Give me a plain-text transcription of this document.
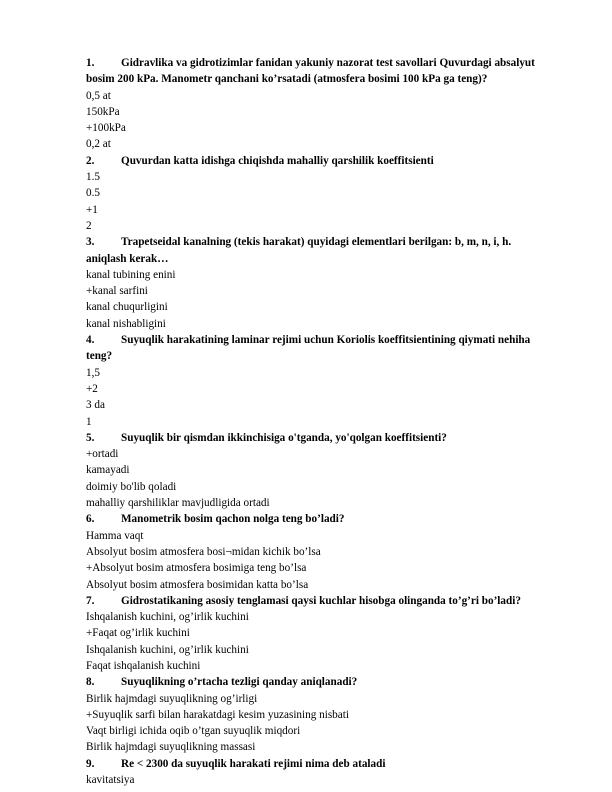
1. Gidravlika va gidrotizimlar fanidan yakuniy nazorat test savollari Quvurdagi absalyut
bosim 200 kPa. Manometr qanchani ko’rsatadi (atmosfera bosimi 100 kPa ga teng)?
0,5 at
150kPa
+100kPa
0,2 at
2. Quvurdan katta idishga chiqishda mahalliy qarshilik koeffitsienti
1.5
0.5
+1
2
3. Trapetseidal kanalning (tekis harakat) quyidagi elementlari berilgan: b, m, n, i, h.
aniqlash kerak…
kanal tubining enini
+kanal sarfini
kanal chuqurligini
kanal nishabligini
4. Suyuqlik harakatining laminar rejimi uchun Koriolis koeffitsientining qiymati nehiha
teng?
1,5
+2
3 da
1
5. Suyuqlik bir qismdan ikkinchisiga o'tganda, yo'qolgan koeffitsienti?
+ortadi
kamayadi
doimiy bo'lib qoladi
mahalliy qarshiliklar mavjudligida ortadi
6. Manometrik bosim qachon nolga teng bo’ladi?
Hamma vaqt
Absolyut bosim atmosfera bosi¬midan kichik bo’lsa
+Absolyut bosim atmosfera bosimiga teng bo’lsa
Absolyut bosim atmosfera bosimidan katta bo’lsa
7. Gidrostatikaning asosiy tenglamasi qaysi kuchlar hisobga olinganda to’g’ri bo’ladi?
Ishqalanish kuchini, og’irlik kuchini
+Faqat og’irlik kuchini
Ishqalanish kuchini, og’irlik kuchini
Faqat ishqalanish kuchini
8. Suyuqlikning o’rtacha tezligi qanday aniqlanadi?
Birlik hajmdagi suyuqlikning og’irligi
+Suyuqlik sarfi bilan harakatdagi kesim yuzasining nisbati
Vaqt birligi ichida oqib o’tgan suyuqlik miqdori
Birlik hajmdagi suyuqlikning massasi
9. Re < 2300 da suyuqlik harakati rejimi nima deb ataladi
kavitatsiya
